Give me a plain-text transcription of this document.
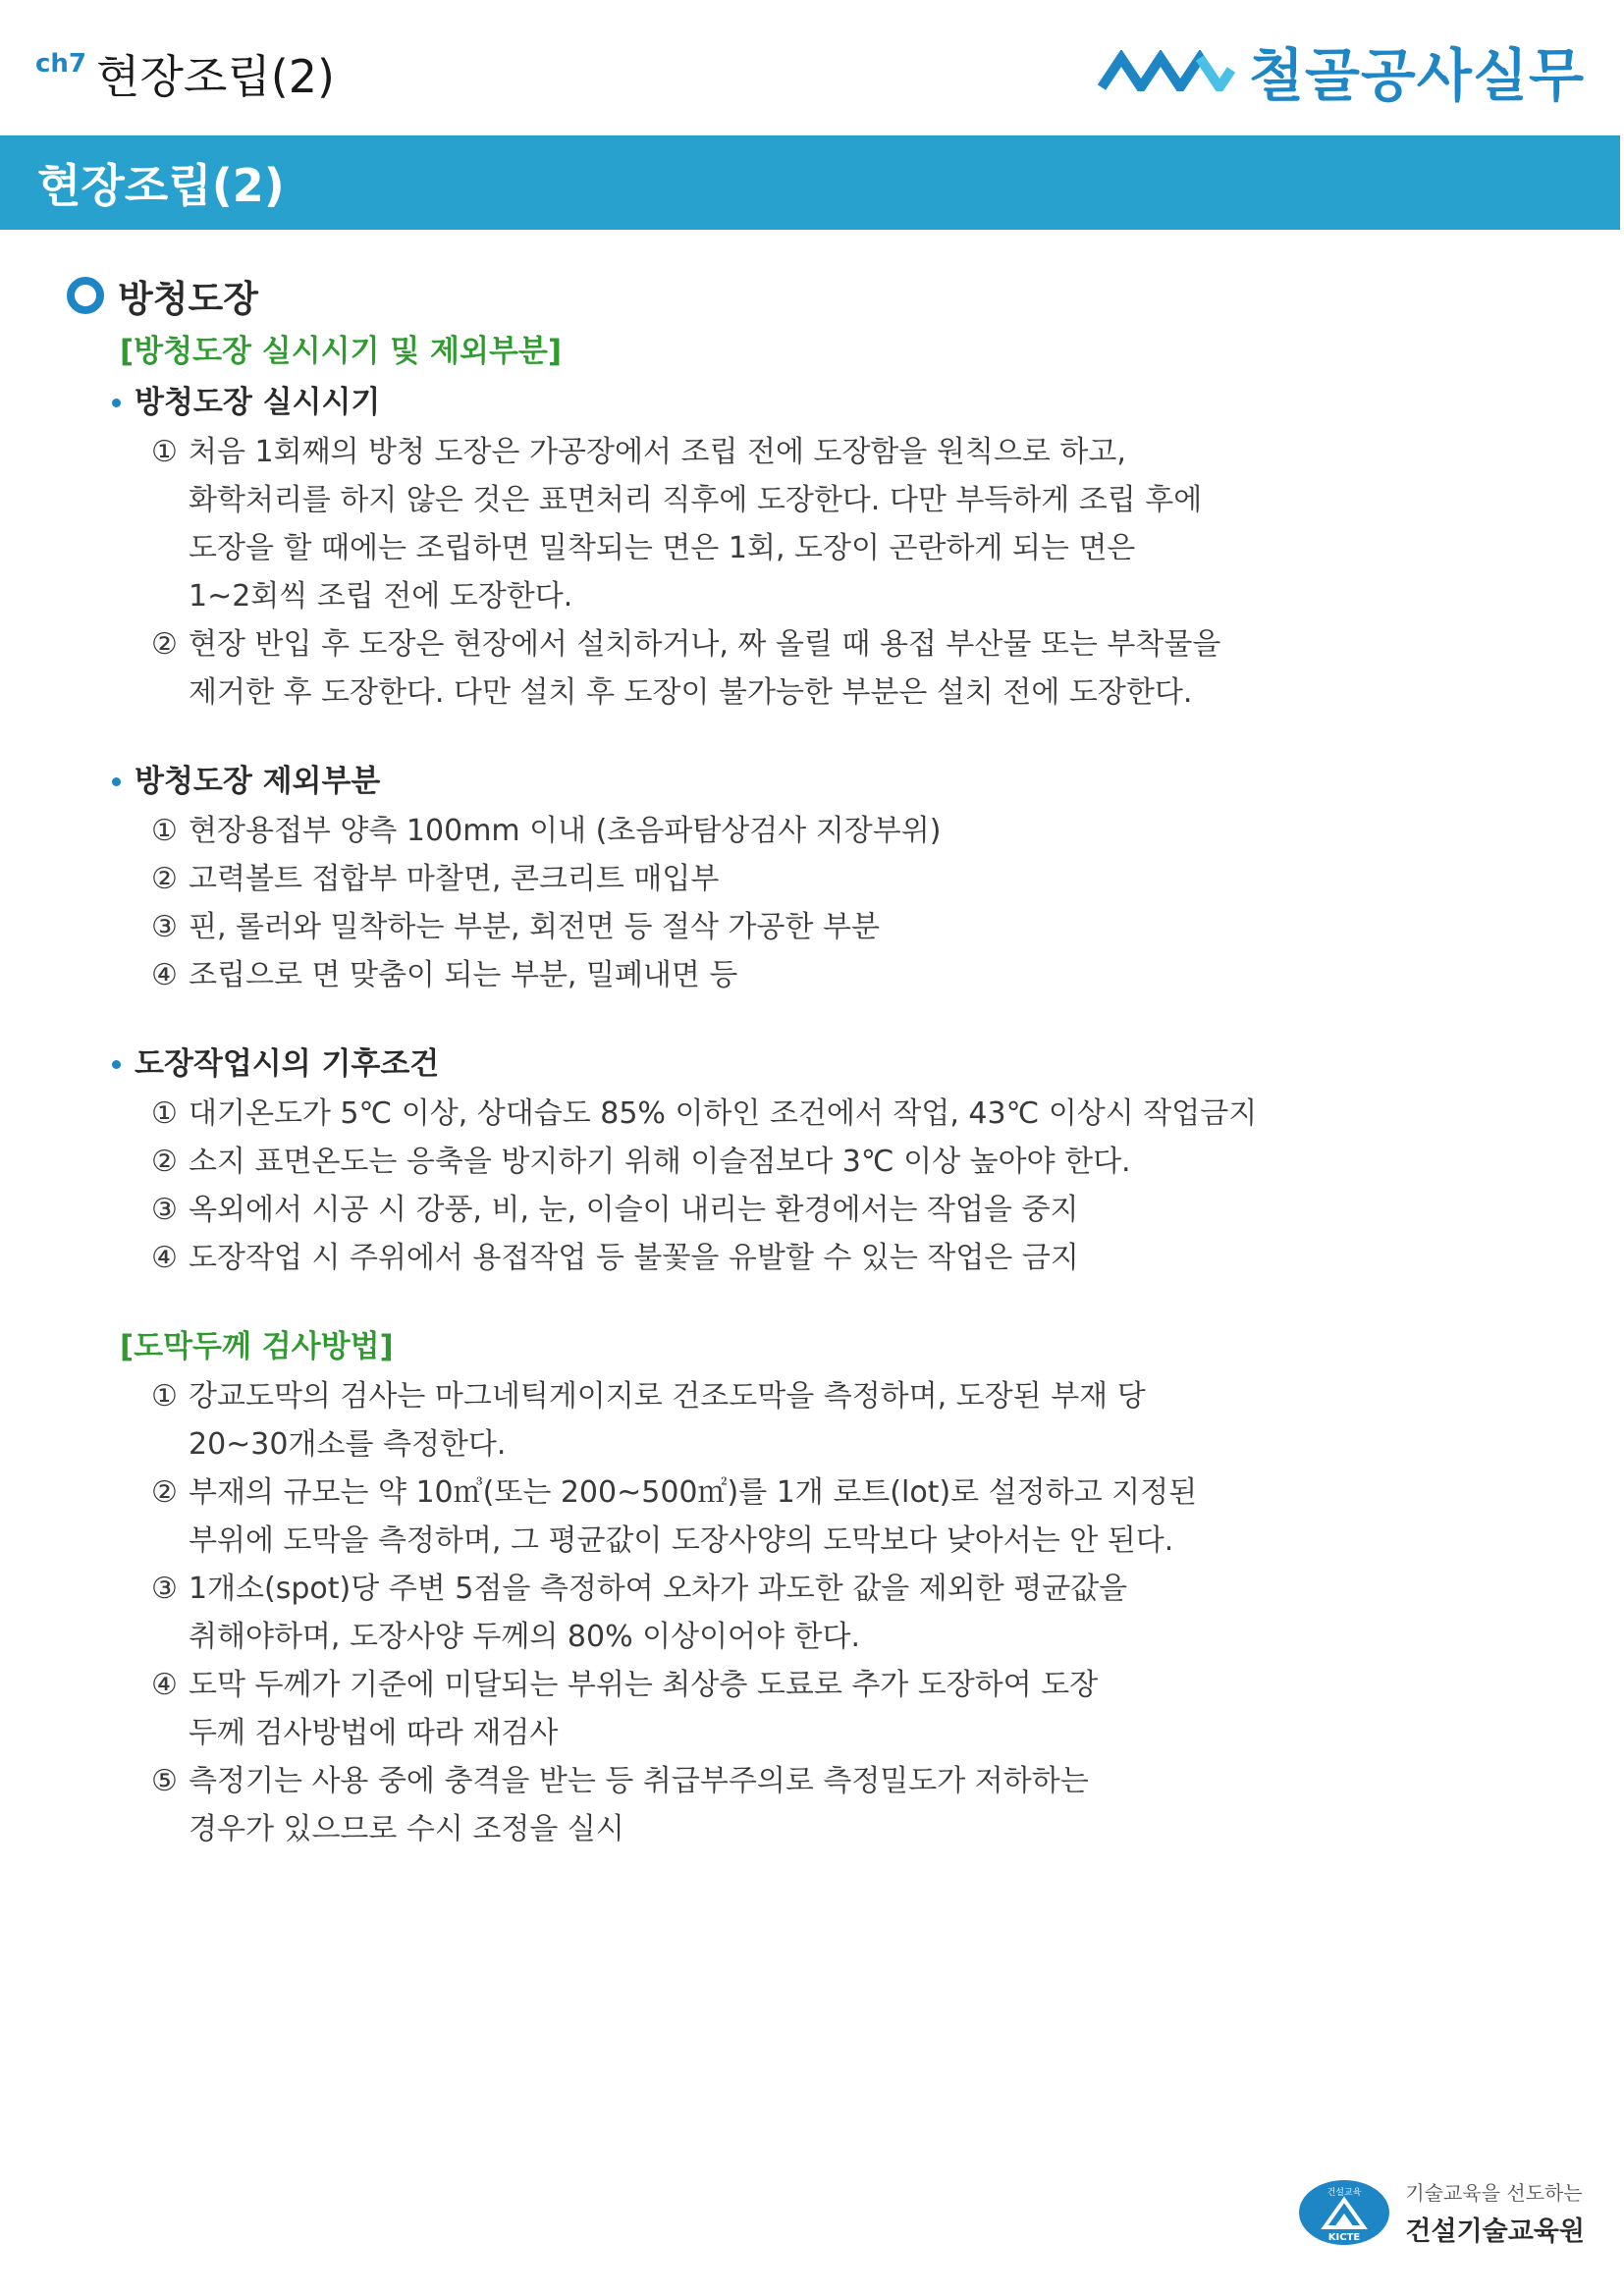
ch7 현장조립(2)	철골공사실무
현장조립(2)
방청도장
[방청도장 실시시기 및 제외부분]
방청도장 실시시기
① 처음 1회째의 방청 도장은 가공장에서 조립 전에 도장함을 원칙으로 하고,
화학처리를 하지 않은 것은 표면처리 직후에 도장한다. 다만 부득하게 조립 후에
도장을 할 때에는 조립하면 밀착되는 면은 1회, 도장이 곤란하게 되는 면은
1~2회씩 조립 전에 도장한다.
② 현장 반입 후 도장은 현장에서 설치하거나, 짜 올릴 때 용접 부산물 또는 부착물을
제거한 후 도장한다. 다만 설치 후 도장이 불가능한 부분은 설치 전에 도장한다.
방청도장 제외부분
① 현장용접부 양측 100mm 이내 (초음파탐상검사 지장부위)
② 고력볼트 접합부 마찰면, 콘크리트 매입부
③ 핀, 롤러와 밀착하는 부분, 회전면 등 절삭 가공한 부분
④ 조립으로 면 맞춤이 되는 부분, 밀폐내면 등
도장작업시의 기후조건
① 대기온도가 5℃ 이상, 상대습도 85% 이하인 조건에서 작업, 43℃ 이상시 작업금지
② 소지 표면온도는 응축을 방지하기 위해 이슬점보다 3℃ 이상 높아야 한다.
③ 옥외에서 시공 시 강풍, 비, 눈, 이슬이 내리는 환경에서는 작업을 중지
④ 도장작업 시 주위에서 용접작업 등 불꽃을 유발할 수 있는 작업은 금지
[도막두께 검사방법]
① 강교도막의 검사는 마그네틱게이지로 건조도막을 측정하며, 도장된 부재 당
20~30개소를 측정한다.
② 부재의 규모는 약 10㎥(또는 200~500㎡)를 1개 로트(lot)로 설정하고 지정된
부위에 도막을 측정하며, 그 평균값이 도장사양의 도막보다 낮아서는 안 된다.
③ 1개소(spot)당 주변 5점을 측정하여 오차가 과도한 값을 제외한 평균값을
취해야하며, 도장사양 두께의 80% 이상이어야 한다.
④ 도막 두께가 기준에 미달되는 부위는 최상층 도료로 추가 도장하여 도장
두께 검사방법에 따라 재검사
⑤ 측정기는 사용 중에 충격을 받는 등 취급부주의로 측정밀도가 저하하는
경우가 있으므로 수시 조정을 실시
건설교육
KICTE
기술교육을 선도하는
건설기술교육원
